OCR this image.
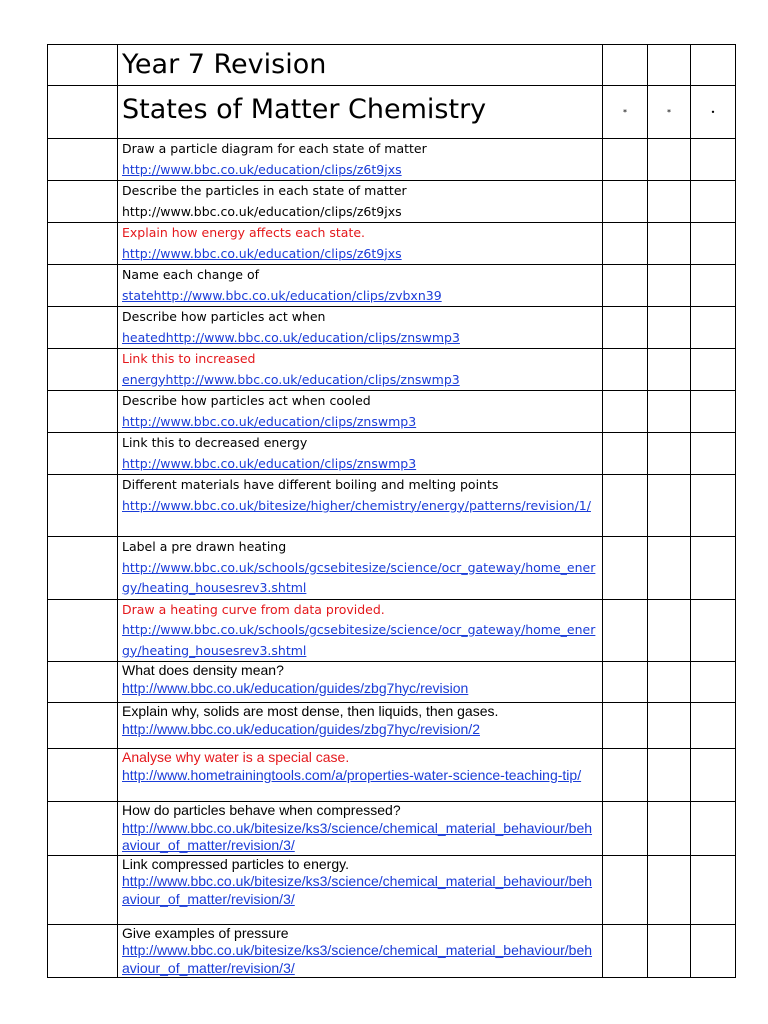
	Year 7 Revision			
	States of Matter Chemistry	*	*	•

	Draw a particle diagram for each state of matter
http://www.bbc.co.uk/education/clips/z6t9jxs			

	Describe the particles in each state of matter
http://www.bbc.co.uk/education/clips/z6t9jxs			

	Explain how energy affects each state.
http://www.bbc.co.uk/education/clips/z6t9jxs			

	Name each change of
statehttp://www.bbc.co.uk/education/clips/zvbxn39			

	Describe how particles act when
heatedhttp://www.bbc.co.uk/education/clips/znswmp3			

	Link this to increased
energyhttp://www.bbc.co.uk/education/clips/znswmp3			

	Describe how particles act when cooled
http://www.bbc.co.uk/education/clips/znswmp3			

	Link this to decreased energy
http://www.bbc.co.uk/education/clips/znswmp3			

	Different materials have different boiling and melting points
http://www.bbc.co.uk/bitesize/higher/chemistry/energy/patterns/revision/1/			

	Label a pre drawn heating
http://www.bbc.co.uk/schools/gcsebitesize/science/ocr_gateway/home_energy/heating_housesrev3.shtml			

	Draw a heating curve from data provided.
http://www.bbc.co.uk/schools/gcsebitesize/science/ocr_gateway/home_energy/heating_housesrev3.shtml			

	What does density mean?
http://www.bbc.co.uk/education/guides/zbg7hyc/revision			

	Explain why, solids are most dense, then liquids, then gases.
http://www.bbc.co.uk/education/guides/zbg7hyc/revision/2			

	Analyse why water is a special case.
http://www.hometrainingtools.com/a/properties-water-science-teaching-tip/			

	How do particles behave when compressed?
http://www.bbc.co.uk/bitesize/ks3/science/chemical_material_behaviour/behaviour_of_matter/revision/3/			

	Link compressed particles to energy.
http://www.bbc.co.uk/bitesize/ks3/science/chemical_material_behaviour/behaviour_of_matter/revision/3/			

	Give examples of pressure
http://www.bbc.co.uk/bitesize/ks3/science/chemical_material_behaviour/behaviour_of_matter/revision/3/			
